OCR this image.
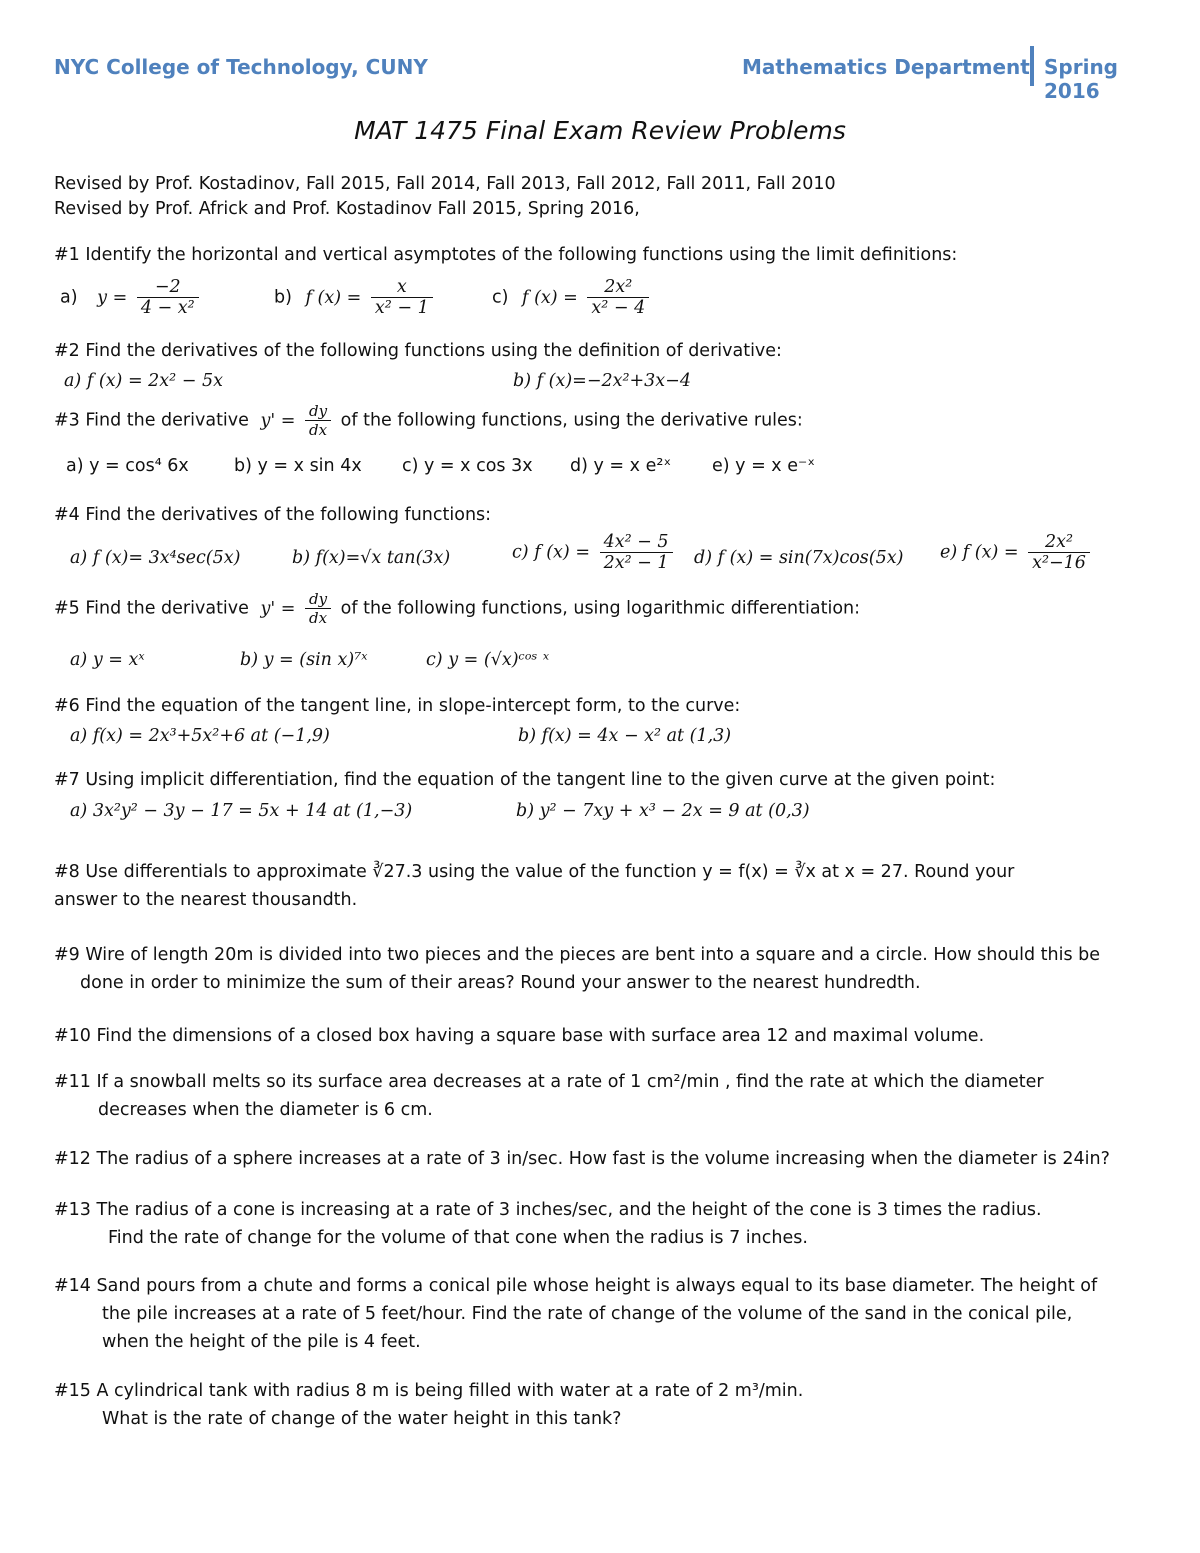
NYC College of Technology, CUNY	Mathematics Department Spring 2016
MAT 1475 Final Exam Review Problems
Revised by Prof. Kostadinov, Fall 2015, Fall 2014, Fall 2013, Fall 2012, Fall 2011, Fall 2010
Revised by Prof. Africk and Prof. Kostadinov Fall 2015, Spring 2016,
#1 Identify the horizontal and vertical asymptotes of the following functions using the limit definitions:
a) $y = \frac{-2}{\text{4 − x²}}$	b) f $(x) = \frac{x}{\text{x² − 1}}$	c) f $(x) = \frac{\text{2x²}}{\text{x² − 4}}$
#2 Find the derivatives of the following functions using the definition of derivative:
a) f (x) = 2x² − 5x	b) f (x)=−2x²+3x−4
#3 Find the derivative $y' = \frac{dy}{dx}$ of the following functions, using the derivative rules:
a) y = cos⁴ 6x	b) y = x sin 4x c) y = x cos 3x d) y = x e²ˣ e) y = x e⁻ˣ
#4 Find the derivatives of the following functions:
a) f (x)= 3x⁴sec(5x)	b) f(x)=√x tan(3x)	c) f $(x) = \frac{\text{4x² − 5}}{\text{2x² − 1}} d$) f (x) = sin(7x)cos(5x) e) f $(x) = \frac{\text{2x²}}{\text{x²−16}}$
#5 Find the derivative $y' = \frac{dy}{dx}$ of the following functions, using logarithmic differentiation:
a) y = xˣ	b) y = (sin x)⁷ˣ	c) y = (√x)ᶜᵒˢ ˣ
#6 Find the equation of the tangent line, in slope-intercept form, to the curve:
a) f(x) = 2x³+5x²+6 at (−1,9)	b) f(x) = 4x − x² at (1,3)
#7 Using implicit differentiation, find the equation of the tangent line to the given curve at the given point:
a) 3x²y² − 3y − 17 = 5x + 14 at (1,−3)	b) y² − 7xy + x³ − 2x = 9 at (0,3)
#8 Use differentials to approximate ∛27.3 using the value of the function y = f(x) = ∛x at x = 27. Round your
answer to the nearest thousandth.
#9 Wire of length 20m is divided into two pieces and the pieces are bent into a square and a circle. How should this be
done in order to minimize the sum of their areas? Round your answer to the nearest hundredth.
#10 Find the dimensions of a closed box having a square base with surface area 12 and maximal volume.
#11 If a snowball melts so its surface area decreases at a rate of 1 cm²/min , find the rate at which the diameter
decreases when the diameter is 6 cm.
#12 The radius of a sphere increases at a rate of 3 in/sec. How fast is the volume increasing when the diameter is 24in?
#13 The radius of a cone is increasing at a rate of 3 inches/sec, and the height of the cone is 3 times the radius.
Find the rate of change for the volume of that cone when the radius is 7 inches.
#14 Sand pours from a chute and forms a conical pile whose height is always equal to its base diameter. The height of
the pile increases at a rate of 5 feet/hour. Find the rate of change of the volume of the sand in the conical pile,
when the height of the pile is 4 feet.
#15 A cylindrical tank with radius 8 m is being filled with water at a rate of 2 m³/min.
What is the rate of change of the water height in this tank?
